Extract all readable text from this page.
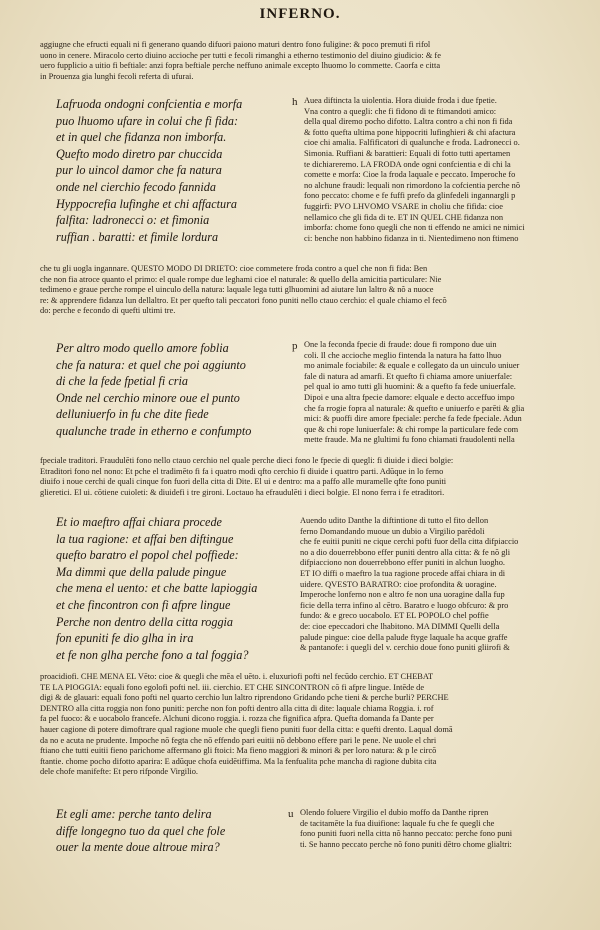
INFERNO.
aggiugne che efructi equali ni fi generano quando difuori paiono maturi dentro fono fuligine: & poco premuti fi rifol
uono in cenere. Miracolo certo diuino accioche per tutti e fecoli rimanghi a etherno testimonio del diuino giudicio: & fe
uero fupplicio a uitio fi beftiale: anzi fopra beftiale perche neffuno animale excepto lhuomo lo commette. Caorfa e citta
in Prouenza gia lunghi fecoli referta di ufurai.
Lafruoda ondogni confcientia e morfa
puo lhuomo ufare in colui che fi fida:
et in quel che fidanza non imborfa.
Quefto modo diretro par chuccida
pur lo uincol damor che fa natura
onde nel cierchio fecodo fannida
Hyppocrefia lufinghe et chi affactura
falfita: ladronecci o: et fimonia
ruffian . baratti: et fimile lordura
h Auea diftincta la uiolentia. Hora diuide froda i due fpetie.
Vna contro a quegli: che fi fidono di te ftimandoti amico:
della qual diremo pocho difotto. Laltra contro a chi non fi fida
& fotto quefta ultima pone hippocriti lufinghieri & chi afactura
cioe chi amalia. Falfificatori di qualunche e froda. Ladronecci o.
Simonia. Ruffiani & barattieri: Equali di fotto tutti apertamen
te dichiareremo. LA FRODA onde ogni confcientia e di chi la
comette e morfa: Cioe la froda laquale e peccato. Imperoche fo
no alchune fraudi: lequali non rimordono la cofcientia perche nõ
fono peccato: chome e fe fuffi prefo da glinfedeli ingannargli p
fuggirfi: PVO LHVOMO VSARE in choliu che fifida: cioe
nellamico che gli fida di te. ET IN QUEL CHE fidanza non
imborfa: chome fono quegli che non ti effendo ne amici ne nimici
ci: benche non habbino fidanza in ti. Nientedimeno non ftimeno
che tu gli uogla ingannare. QUESTO MODO DI DRIETO: cioe commetere froda contro a quel che non fi fida: Ben
che non fia atroce quanto el primo: el quale rompe due leghami cioe el naturale: & quello della amicitia particulare: Nie
tedimeno e graue perche rompe el uinculo della natura: laquale lega tutti glhuomini ad aiutare lun laltro & nõ a nuoce
re: & apprendere fidanza lun dellaltro. Et per quefto tali peccatori fono puniti nello ctauo cerchio: el quale chiamo el fecõ
do: perche e fecondo di quefti ultimi tre.
Per altro modo quello amore fobliа
che fa natura: et quel che poi aggiunto
di che la fede fpetial fi cria
Onde nel cerchio minore oue el punto
delluniuerfo in fu che dite fiede
qualunche trade in etherno e confumpto
p One la feconda fpecie di fraude: doue fi rompono due uin
coli. Il che accioche meglio fintenda la natura ha fatto lhuo
mo animale fociabile: & equale e collegato da un uinculo uniuer
fale di natura ad amarfi. Et quefto fi chiama amore uniuerfale:
pel qual io amo tutti gli huomini: & a quefto fa fede uniuerfale.
Dipoi e una altra fpecie damore: elquale e decto acceffuo impo
che fa rrogie fopra al naturale: & quefto e uniuerfo e parēti & glia
mici: & puoffi dire amore fpeciale: perche fa fede fpeciale. Adun
que & chi rope luniuerfale: & chi rompe la particulare fede com
mette fraude. Ma ne glultimi fu fono chiamati fraudolenti nella
fpeciale traditori. Fraudulēti fono nello ctauo cerchio nel quale perche dieci fono le fpecie di quegli: fi diuide i dieci bolgie:
Etraditori fono nel nono: Et pche el tradimēto fi fa i quatro modi qfto cerchio fi diuide i quattro parti. Adūque in lo ferno
diuifo i noue cerchi de quali cinque fon fuori della citta di Dite. El ui e dentro: ma a paffo alle muramelle qfte fono puniti
glieretici. El ui. cōtiene cuioleti: & diuidefi i tre gironi. Loctauo ha efraudulēti i dieci bolgie. El nono ferra i fe etraditori.
Et io maeftro affai chiara procede
la tua ragione: et affai ben diftingue
quefto baratro el popol chel poffiede:
Ma dimmi que della palude pingue
che mena el uento: et che batte lapioggia
et che fincontron con fi afpre lingue
Perche non dentro della citta roggia
fon epuniti fe dio glha in ira
et fe non glha perche fono a tal foggia?
Auendo udito Danthe la diftintione di tutto el fito dellon
ferno Domandando muoue un dubio a Virgilio parēdoli
che fe euitii puniti ne cique cerchi pofti fuor della citta difpiaccio
no a dio douerrebbono effer puniti dentro alla citta: & fe nõ gli
difpiacciono non douerrebbono effer puniti in alchun luogho.
ET IO diffi o maeftro la tua ragione procede affai chiara in di
uidere. QVESTO BARATRO: cioe profondita & uoragine.
Imperoche lonferno non e altro fe non una uoragine dalla fup
ficie della terra infino al cētro. Baratro e luogo obfcuro: & pro
fundo: & e greco uocabolo. ET EL POPOLO chel poffie
de: cioe epeccadori che lhabitono. MA DIMMI Quelli della
palude pingue: cioe della palude ftyge laquale ha acque graffe
& pantanofe: i quegli del v. cerchio doue fono puniti gliirofi &
proacidiofi. CHE MENA EL Vēto: cioe & quegli che mēa el uēto. i. eluxuriofi pofti nel fecūdo cerchio. ET CHEBAT
TE LA PIOGGIA: equali fono egolofi pofti nel. iii. cierchio. ET CHE SINCONTRON cō fi afpre lingue. Intēde de
digi & de glauari: equali fono pofti nel quarto cerchio lun laltro riprendono Gridando pche tieni & perche burli? PERCHE
DENTRO alla citta roggia non fono puniti: perche non fon pofti dentro alla citta di dite: laquale chiama Roggia. i. rof
fa pel fuoco: & e uocabolo francefe. Alchuni dicono roggia. i. rozza che fignifica afpra. Quefta domanda fa Dante per
hauer cagione di potere dimoftrare qual ragione muole che quegli fieno puniti fuor della citta: e quefti drento. Laqual domā
da no e acuta ne prudente. Impoche nō fegta che nō effendo pari euitii nō debbono effere pari le pene. Ne uuole el chri
ftiano che tutti euitii fieno parichome affermano gli ftoici: Ma fieno maggiori & minori & per loro natura: & p le circō
ftantie. chome pocho difotto aparira: E adūque chofa euidētiffima. Ma la fenfualita pche mancha di ragione dubita cita
dele chofe manifefte: Et pero rifponde Virgilio.
Et egli ame: perche tanto delira
diffe longegno tuo da quel che fole
ouer la mente doue altroue mira?
u Olendo foluere Virgilio el dubio moffo da Danthe ripren
de tacitamēte la fua diuifione: laquale fu che fe quegli che
fono puniti fuori nella citta nõ hanno peccato: perche fono puni
ti. Se hanno peccato perche nõ fono puniti dētro chome glialtri:
